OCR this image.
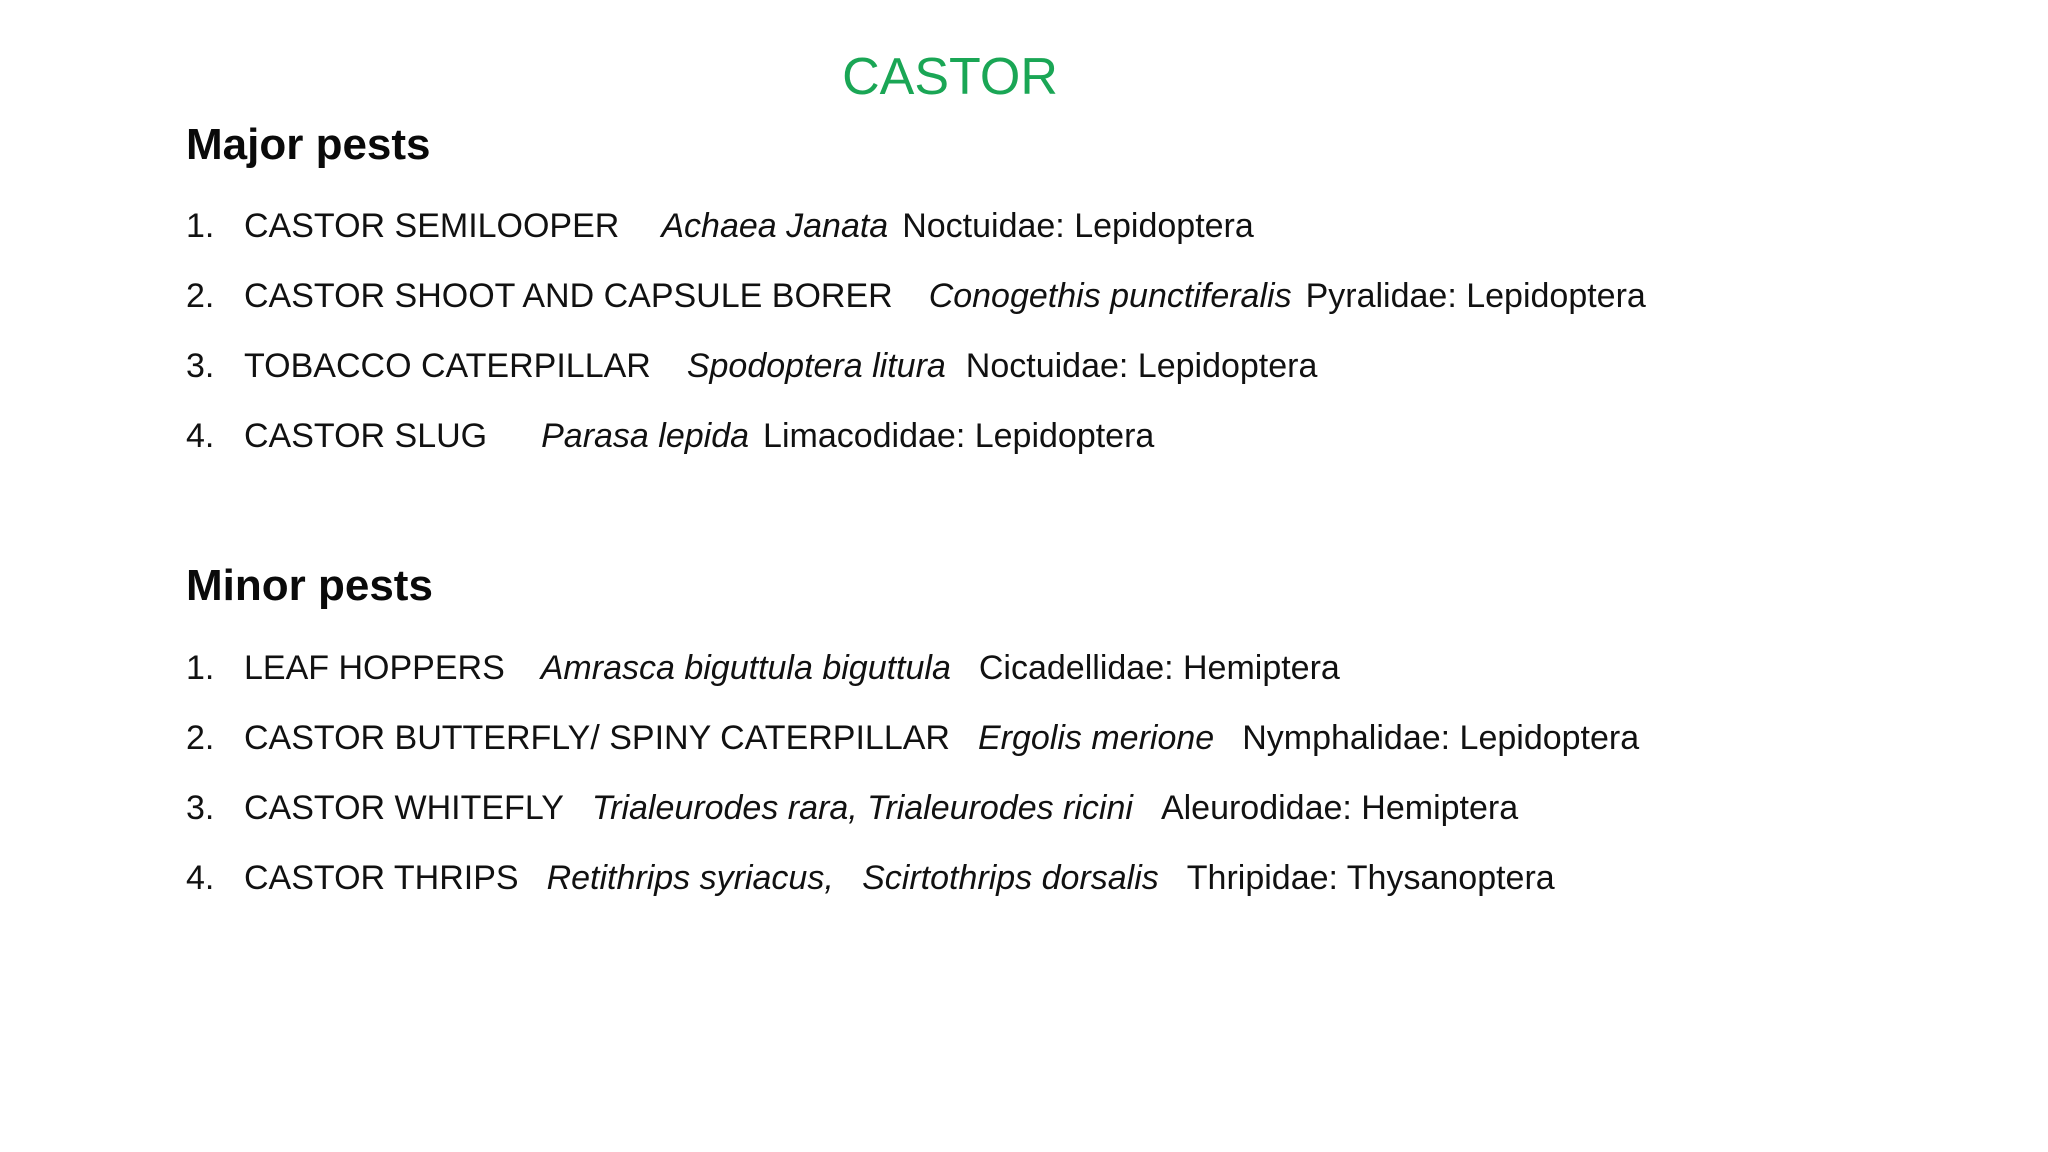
CASTOR
Major pests
1. CASTOR SEMILOOPER Achaea Janata Noctuidae: Lepidoptera
2. CASTOR SHOOT AND CAPSULE BORER Conogethis punctiferalis Pyralidae: Lepidoptera
3. TOBACCO CATERPILLAR Spodoptera litura Noctuidae: Lepidoptera
4. CASTOR SLUG Parasa lepida Limacodidae: Lepidoptera
Minor pests
1. LEAF HOPPERS Amrasca biguttula biguttula Cicadellidae: Hemiptera
2. CASTOR BUTTERFLY/ SPINY CATERPILLAR Ergolis merione Nymphalidae: Lepidoptera
3. CASTOR WHITEFLY Trialeurodes rara, Trialeurodes ricini Aleurodidae: Hemiptera
4. CASTOR THRIPS Retithrips syriacus,   Scirtothrips dorsalis Thripidae: Thysanoptera
